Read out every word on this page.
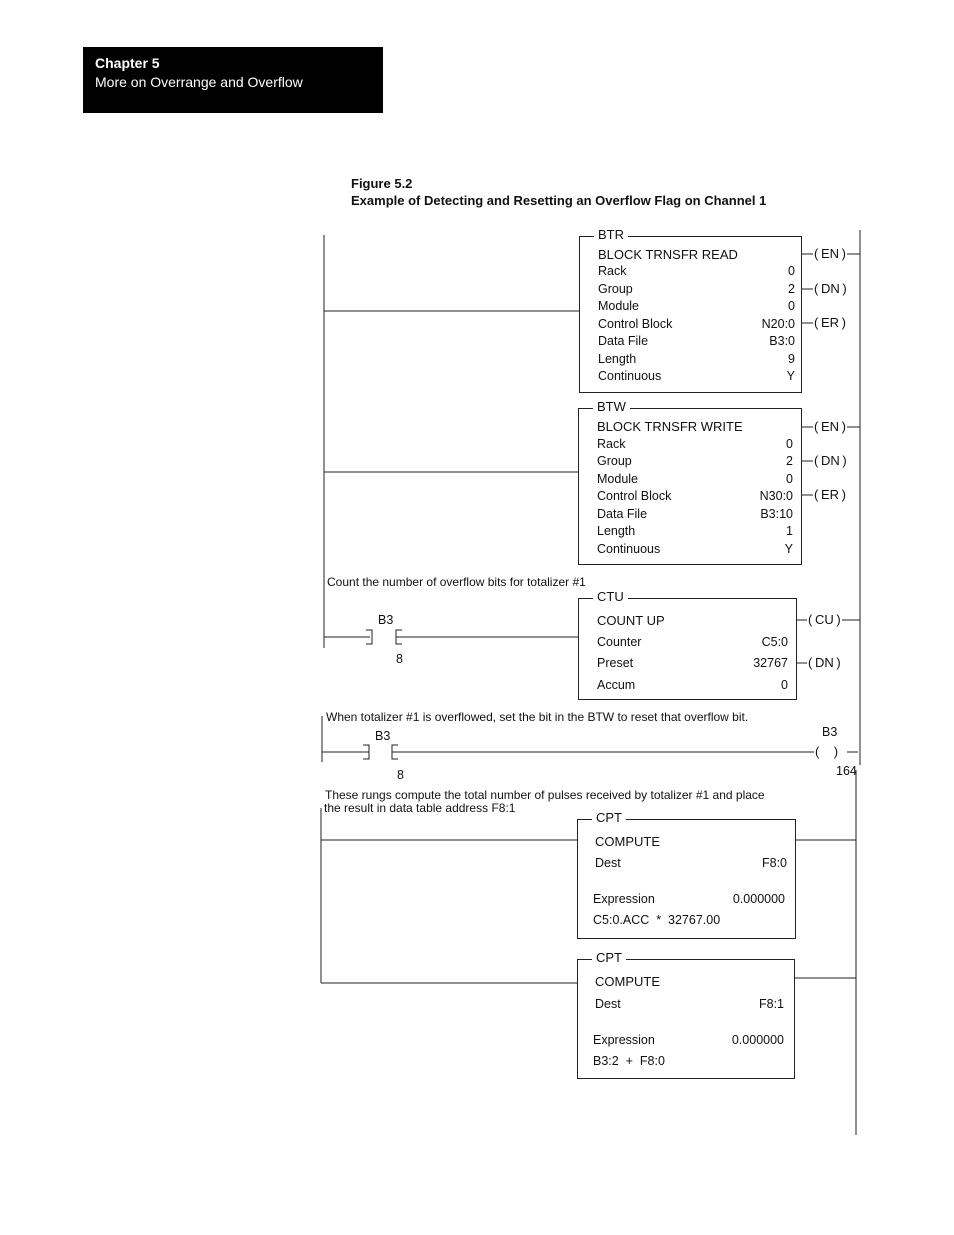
Chapter 5
More on Overrange and Overflow
Figure 5.2
Example of Detecting and Resetting an Overflow Flag on Channel 1
BTR
BLOCK TRNSFR READ
Rack	0
Group	2
Module	0
Control Block	N20:0
Data File	B3:0
Length	9
Continuous	Y
( EN )
( DN )
( ER )
BTW
BLOCK TRNSFR WRITE
Rack	0
Group	2
Module	0
Control Block	N30:0
Data File	B3:10
Length	1
Continuous	Y
( EN )
( DN )
( ER )
Count the number of overflow bits for totalizer #1
B3
8
CTU
COUNT UP
Counter	C5:0
Preset	32767
Accum	0
( CU )
( DN )
When totalizer #1 is overflowed, set the bit in the BTW to reset that overflow bit.
B3
8
B3
(    )
164
These rungs compute the total number of pulses received by totalizer #1 and place
the result in data table address F8:1
CPT
COMPUTE
Dest	F8:0
Expression	0.000000
C5:0.ACC  *  32767.00
CPT
COMPUTE
Dest	F8:1
Expression	0.000000
B3:2  +  F8:0
